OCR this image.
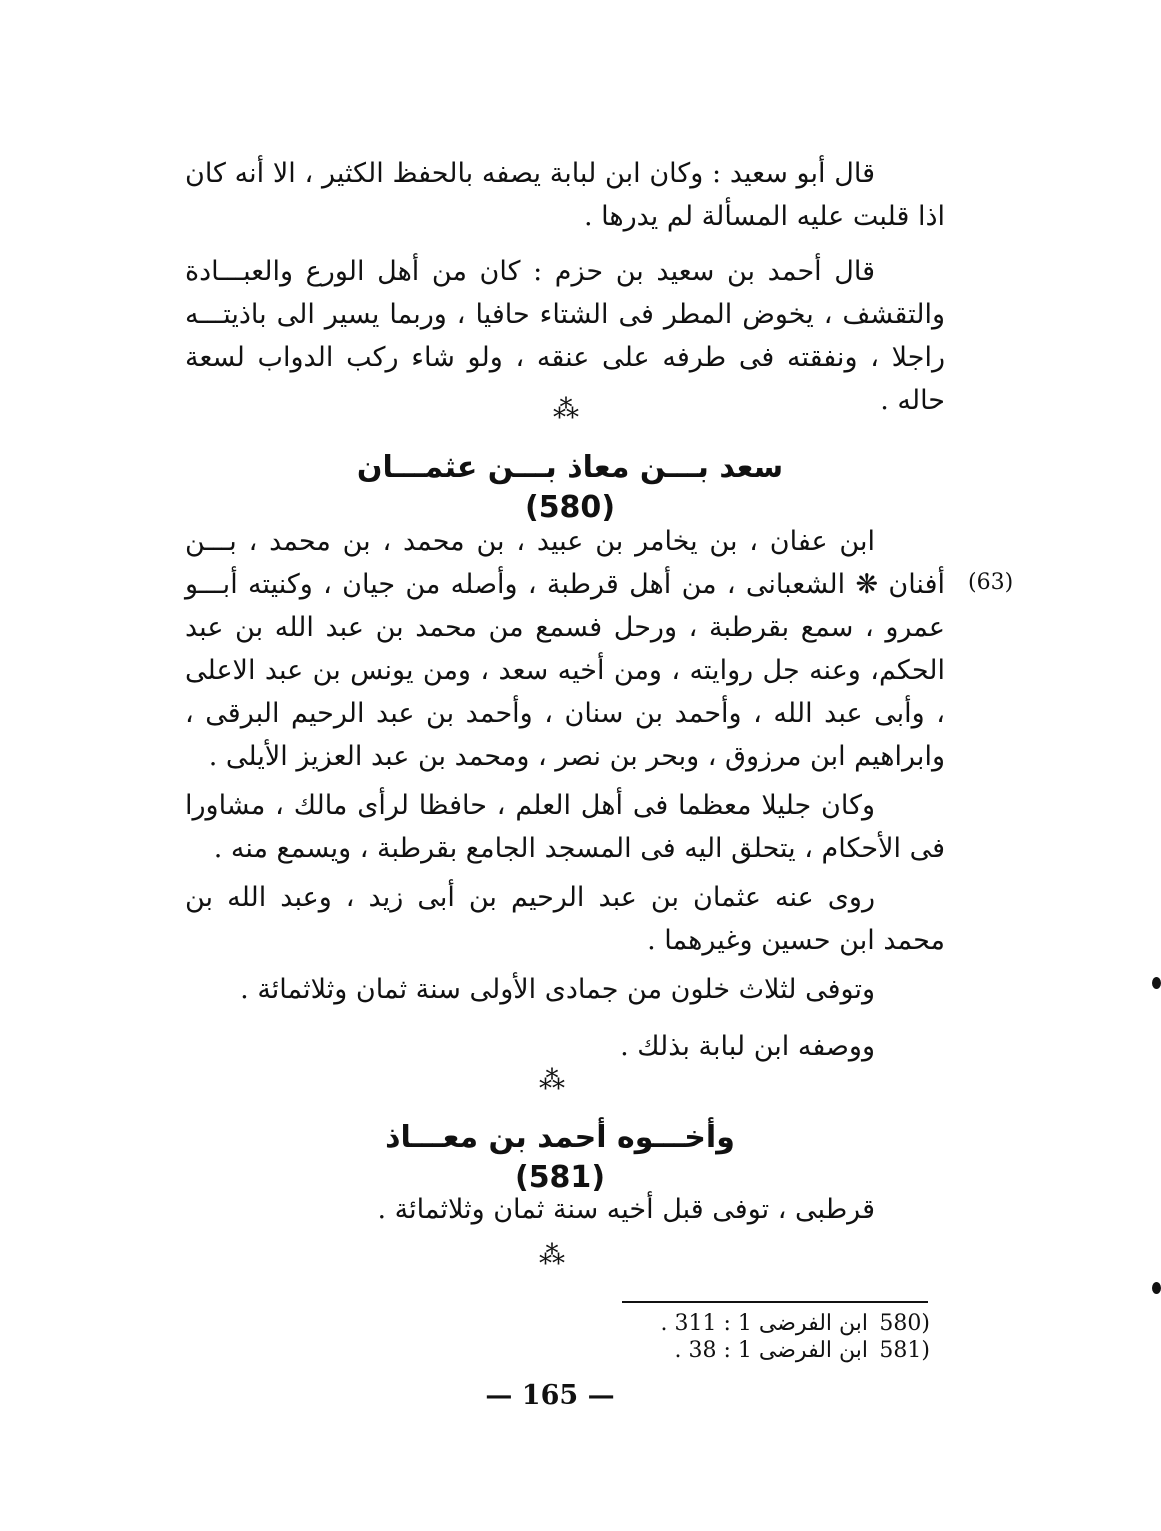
قال أبو سعيد : وكان ابن لبابة يصفه بالحفظ الكثير ، الا أنه كان اذا قلبت عليه المسألة لم يدرها .

قال أحمد بن سعيد بن حزم : كان من أهل الورع والعبـــادة والتقشف ، يخوض المطر فى الشتاء حافيا ، وربما يسير الى باذيتـــه راجلا ، ونفقته فى طرفه على عنقه ، ولو شاء ركب الدواب لسعة حاله .

⁂
سعد بـــن معاذ بـــن عثمـــان (580)
(63)

ابن عفان ، بن يخامر بن عبيد ، بن محمد ، بن محمد ، بـــن أفنان ❋ الشعبانى ، من أهل قرطبة ، وأصله من جيان ، وكنيته أبـــو عمرو ، سمع بقرطبة ، ورحل فسمع من محمد بن عبد الله بن عبد الحكم، وعنه جل روايته ، ومن أخيه سعد ، ومن يونس بن عبد الاعلى ، وأبى عبد الله ، وأحمد بن سنان ، وأحمد بن عبد الرحيم البرقى ، وابراهيم ابن مرزوق ، وبحر بن نصر ، ومحمد بن عبد العزيز الأيلى .

وكان جليلا معظما فى أهل العلم ، حافظا لرأى مالك ، مشاورا فى الأحكام ، يتحلق اليه فى المسجد الجامع بقرطبة ، ويسمع منه .

روى عنه عثمان بن عبد الرحيم بن أبى زيد ، وعبد الله بن محمد ابن حسين وغيرهما .

وتوفى لثلاث خلون من جمادى الأولى سنة ثمان وثلاثمائة .

ووصفه ابن لبابة بذلك .

⁂
وأخـــوه أحمد بن معـــاذ (581)

قرطبى ، توفى قبل أخيه سنة ثمان وثلاثمائة .

⁂
(580 ابن الفرضى 1 : 311 .
(581 ابن الفرضى 1 : 38 .
— 165 —
